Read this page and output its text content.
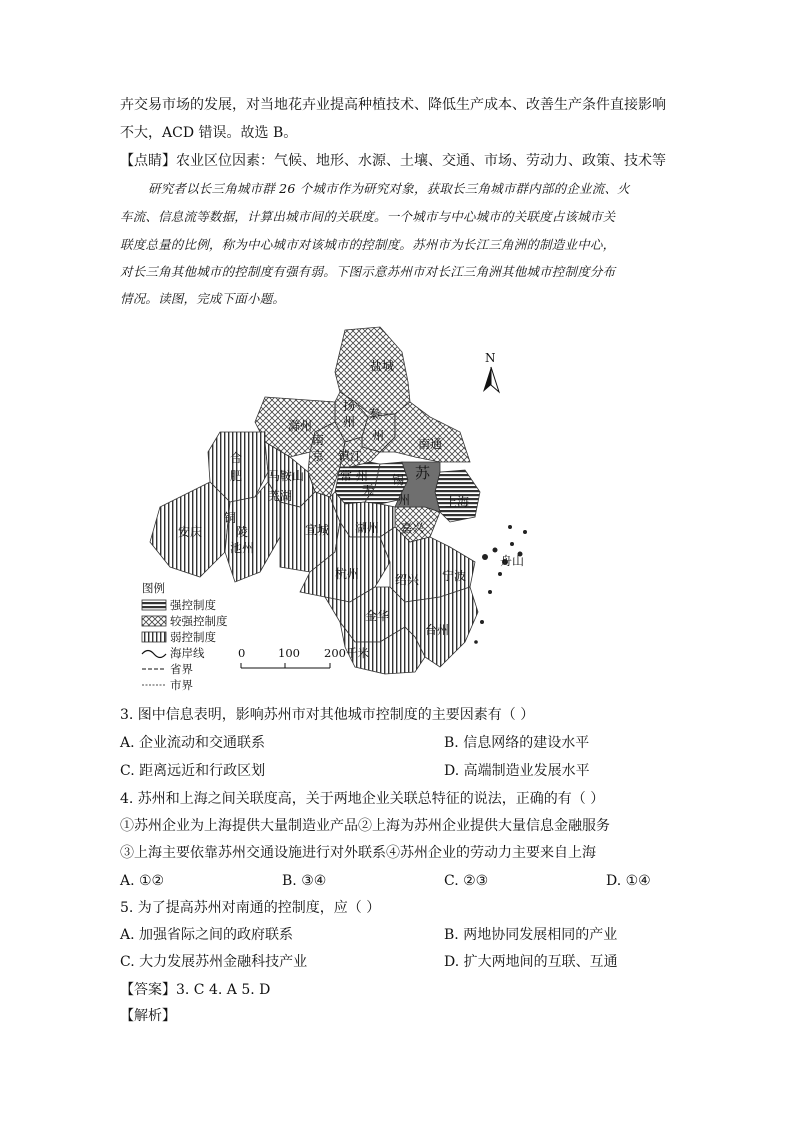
卉交易市场的发展，对当地花卉业提高种植技术、降低生产成本、改善生产条件直接影响
不大，ACD 错误。故选 B。
【点睛】农业区位因素：气候、地形、水源、土壤、交通、市场、劳动力、政策、技术等
研究者以长三角城市群 26 个城市作为研究对象，获取长三角城市群内部的企业流、火
车流、信息流等数据，计算出城市间的关联度。一个城市与中心城市的关联度占该城市关
联度总量的比例，称为中心城市对该城市的控制度。苏州市为长江三角洲的制造业中心，
对长三角其他城市的控制度有强有弱。下图示意苏州市对长江三角洲其他城市控制度分布
情况。读图，完成下面小题。
N
盐城
扬
州
泰
州
滁州
南通
南
京 镇江
常 州
无
锡 苏
州	上海
合
肥 马鞍山
芜湖
铜
陵
安庆
池州
宣城 湖州 嘉兴
舟山
杭州	绍兴 宁波
金华
台州
图例
强控制度
较强控制度
弱控制度
海岸线
省界
市界
0	100 200千米
3. 图中信息表明，影响苏州市对其他城市控制度的主要因素有（ ）
A. 企业流动和交通联系	B. 信息网络的建设水平
C. 距离远近和行政区划	D. 高端制造业发展水平
4. 苏州和上海之间关联度高，关于两地企业关联总特征的说法，正确的有（ ）
①苏州企业为上海提供大量制造业产品②上海为苏州企业提供大量信息金融服务
③上海主要依靠苏州交通设施进行对外联系④苏州企业的劳动力主要来自上海
A. ①②	B. ③④	C. ②③	D. ①④
5. 为了提高苏州对南通的控制度，应（ ）
A. 加强省际之间的政府联系	B. 两地协同发展相同的产业
C. 大力发展苏州金融科技产业	D. 扩大两地间的互联、互通
【答案】3. C 4. A 5. D
【解析】
